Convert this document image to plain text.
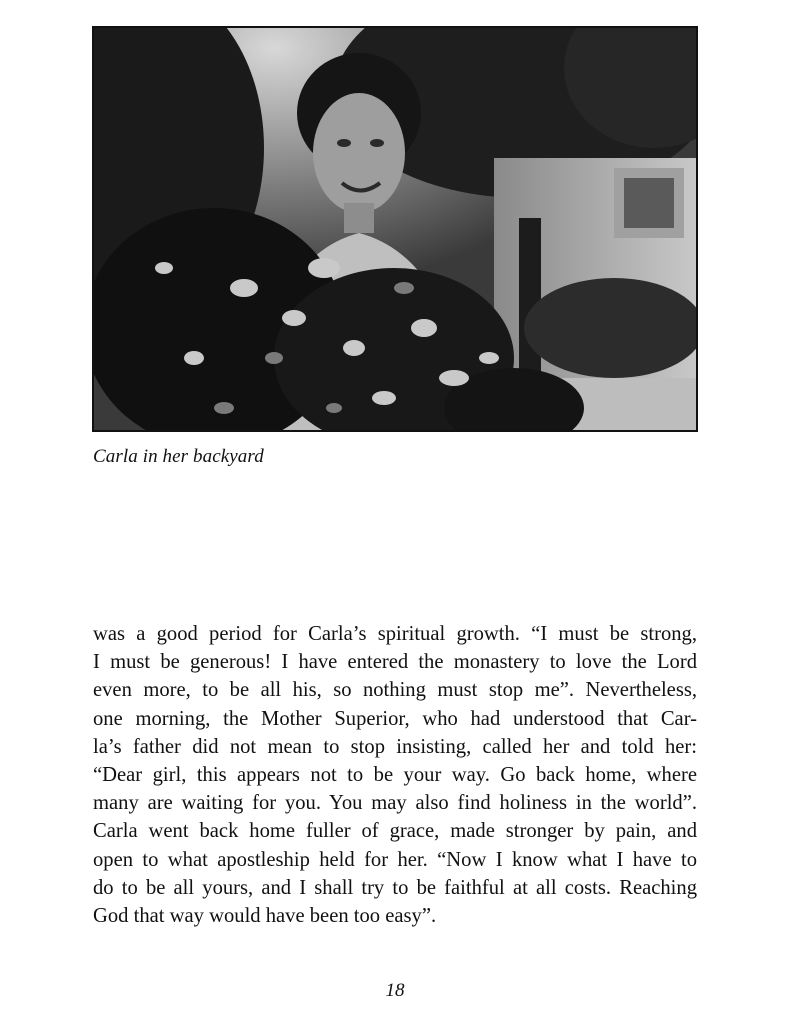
Carla in her backyard

was a good period for Carla’s spiritual growth. “I must be strong,
I must be generous! I have entered the monastery to love the Lord
even more, to be all his, so nothing must stop me”. Nevertheless,
one morning, the Mother Superior, who had understood that Car-
la’s father did not mean to stop insisting, called her and told her:
“Dear girl, this appears not to be your way. Go back home, where
many are waiting for you. You may also find holiness in the world”.
Carla went back home fuller of grace, made stronger by pain, and
open to what apostleship held for her. “Now I know what I have to
do to be all yours, and I shall try to be faithful at all costs. Reaching
God that way would have been too easy”.

18
